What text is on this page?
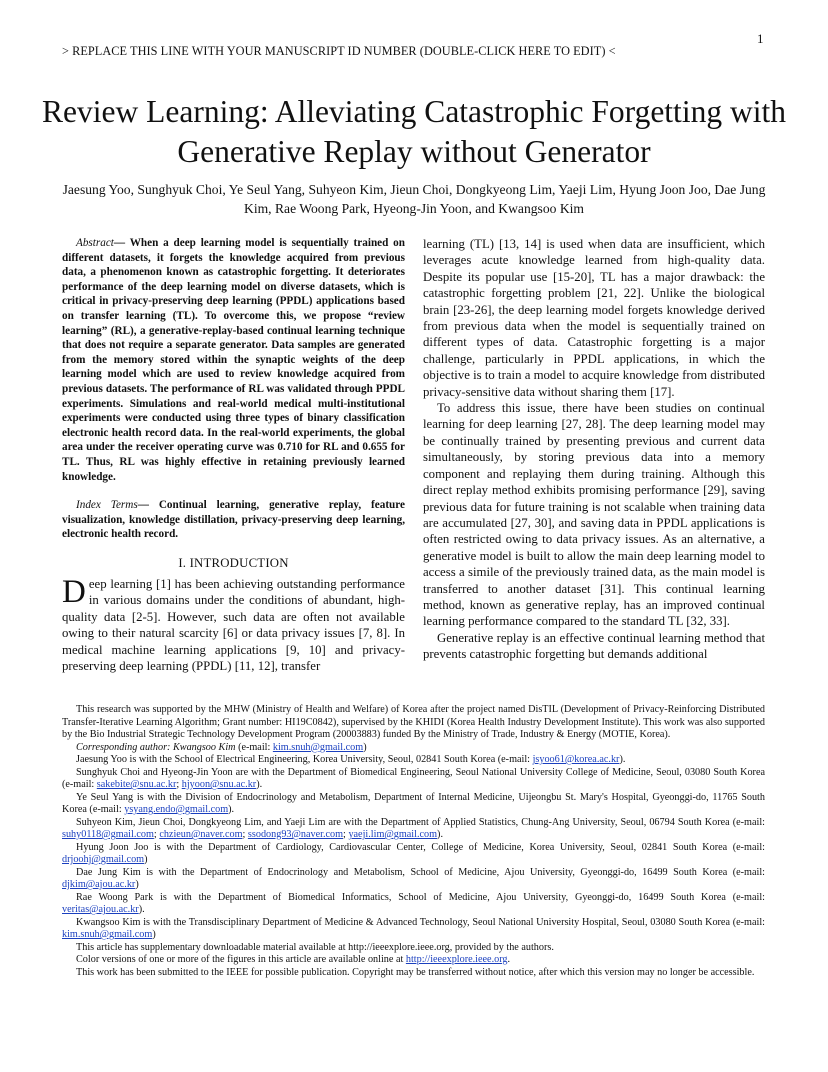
1
> REPLACE THIS LINE WITH YOUR MANUSCRIPT ID NUMBER (DOUBLE-CLICK HERE TO EDIT) <
Review Learning: Alleviating Catastrophic Forgetting with Generative Replay without Generator
Jaesung Yoo, Sunghyuk Choi, Ye Seul Yang, Suhyeon Kim, Jieun Choi, Dongkyeong Lim, Yaeji Lim, Hyung Joon Joo, Dae Jung Kim, Rae Woong Park, Hyeong-Jin Yoon, and Kwangsoo Kim

Abstract— When a deep learning model is sequentially trained on different datasets, it forgets the knowledge acquired from previous data, a phenomenon known as catastrophic forgetting. It deteriorates performance of the deep learning model on diverse datasets, which is critical in privacy-preserving deep learning (PPDL) applications based on transfer learning (TL). To overcome this, we propose “review learning” (RL), a generative-replay-based continual learning technique that does not require a separate generator. Data samples are generated from the memory stored within the synaptic weights of the deep learning model which are used to review knowledge acquired from previous datasets. The performance of RL was validated through PPDL experiments. Simulations and real-world medical multi-institutional experiments were conducted using three types of binary classification electronic health record data. In the real-world experiments, the global area under the receiver operating curve was 0.710 for RL and 0.655 for TL. Thus, RL was highly effective in retaining previously learned knowledge.

Index Terms— Continual learning, generative replay, feature visualization, knowledge distillation, privacy-preserving deep learning, electronic health record.

I. INTRODUCTION

Deep learning [1] has been achieving outstanding performance in various domains under the conditions of abundant, high-quality data [2-5]. However, such data are often not available owing to their natural scarcity [6] or data privacy issues [7, 8]. In medical machine learning applications [9, 10] and privacy-preserving deep learning (PPDL) [11, 12], transfer

learning (TL) [13, 14] is used when data are insufficient, which leverages acute knowledge learned from high-quality data. Despite its popular use [15-20], TL has a major drawback: the catastrophic forgetting problem [21, 22]. Unlike the biological brain [23-26], the deep learning model forgets knowledge derived from previous data when the model is sequentially trained on different types of data. Catastrophic forgetting is a major challenge, particularly in PPDL applications, in which the objective is to train a model to acquire knowledge from distributed privacy-sensitive data without sharing them [17].

To address this issue, there have been studies on continual learning for deep learning [27, 28]. The deep learning model may be continually trained by presenting previous and current data simultaneously, by storing previous data into a memory component and replaying them during training. Although this direct replay method exhibits promising performance [29], saving previous data for future training is not scalable when training data are accumulated [27, 30], and saving data in PPDL applications is often restricted owing to data privacy issues. As an alternative, a generative model is built to allow the main deep learning model to access a simile of the previously trained data, as the main model is transferred to another dataset [31]. This continual learning method, known as generative replay, has an improved continual learning performance compared to the standard TL [32, 33].

Generative replay is an effective continual learning method that prevents catastrophic forgetting but demands additional

This research was supported by the MHW (Ministry of Health and Welfare) of Korea after the project named DisTIL (Development of Privacy-Reinforcing Distributed Transfer-Iterative Learning Algorithm; Grant number: HI19C0842), supervised by the KHIDI (Korea Health Industry Development Institute). This work was also supported by the Bio Industrial Strategic Technology Development Program (20003883) funded By the Ministry of Trade, Industry & Energy (MOTIE, Korea).

Corresponding author: Kwangsoo Kim (e-mail: kim.snuh@gmail.com)

Jaesung Yoo is with the School of Electrical Engineering, Korea University, Seoul, 02841 South Korea (e-mail: jsyoo61@korea.ac.kr).

Sunghyuk Choi and Hyeong-Jin Yoon are with the Department of Biomedical Engineering, Seoul National University College of Medicine, Seoul, 03080 South Korea (e-mail: sakebite@snu.ac.kr; hjyoon@snu.ac.kr).

Ye Seul Yang is with the Division of Endocrinology and Metabolism, Department of Internal Medicine, Uijeongbu St. Mary's Hospital, Gyeonggi-do, 11765 South Korea (e-mail: ysyang.endo@gmail.com).

Suhyeon Kim, Jieun Choi, Dongkyeong Lim, and Yaeji Lim are with the Department of Applied Statistics, Chung-Ang University, Seoul, 06794 South Korea (e-mail: suhy0118@gmail.com; chzieun@naver.com; ssodong93@naver.com; yaeji.lim@gmail.com).

Hyung Joon Joo is with the Department of Cardiology, Cardiovascular Center, College of Medicine, Korea University, Seoul, 02841 South Korea (e-mail: drjoohj@gmail.com)

Dae Jung Kim is with the Department of Endocrinology and Metabolism, School of Medicine, Ajou University, Gyeonggi-do, 16499 South Korea (e-mail: djkim@ajou.ac.kr)

Rae Woong Park is with the Department of Biomedical Informatics, School of Medicine, Ajou University, Gyeonggi-do, 16499 South Korea (e-mail: veritas@ajou.ac.kr).

Kwangsoo Kim is with the Transdisciplinary Department of Medicine & Advanced Technology, Seoul National University Hospital, Seoul, 03080 South Korea (e-mail: kim.snuh@gmail.com)

This article has supplementary downloadable material available at http://ieeexplore.ieee.org, provided by the authors.

Color versions of one or more of the figures in this article are available online at http://ieeexplore.ieee.org.

This work has been submitted to the IEEE for possible publication. Copyright may be transferred without notice, after which this version may no longer be accessible.
